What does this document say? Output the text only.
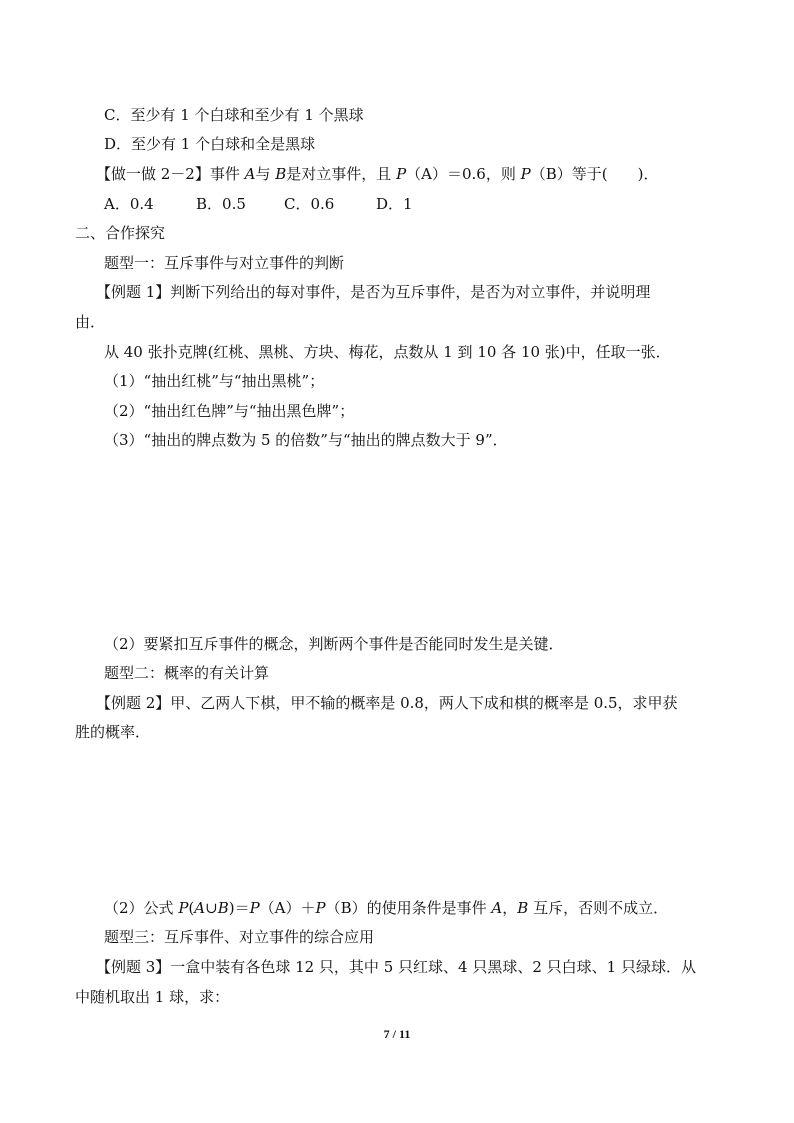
C．至少有 1 个白球和至少有 1 个黑球
D．至少有 1 个白球和全是黑球
【做一做 2－2】事件 A与 B是对立事件，且 P（A）＝0.6，则 P（B）等于(　　)．
A．0.4	B．0.5	C．0.6	D．1
二、合作探究
题型一：互斥事件与对立事件的判断
【例题 1】判断下列给出的每对事件，是否为互斥事件，是否为对立事件，并说明理
由．
从 40 张扑克牌(红桃、黑桃、方块、梅花，点数从 1 到 10 各 10 张)中，任取一张．
（1）“抽出红桃”与“抽出黑桃”；
（2）“抽出红色牌”与“抽出黑色牌”；
（3）“抽出的牌点数为 5 的倍数”与“抽出的牌点数大于 9”．
（2）要紧扣互斥事件的概念，判断两个事件是否能同时发生是关键．
题型二：概率的有关计算
【例题 2】甲、乙两人下棋，甲不输的概率是 0.8，两人下成和棋的概率是 0.5，求甲获
胜的概率．
（2）公式 P(A∪B)＝P（A）＋P（B）的使用条件是事件 A，B 互斥，否则不成立．
题型三：互斥事件、对立事件的综合应用
【例题 3】一盒中装有各色球 12 只，其中 5 只红球、4 只黑球、2 只白球、1 只绿球．从
中随机取出 1 球，求：
7 / 11
